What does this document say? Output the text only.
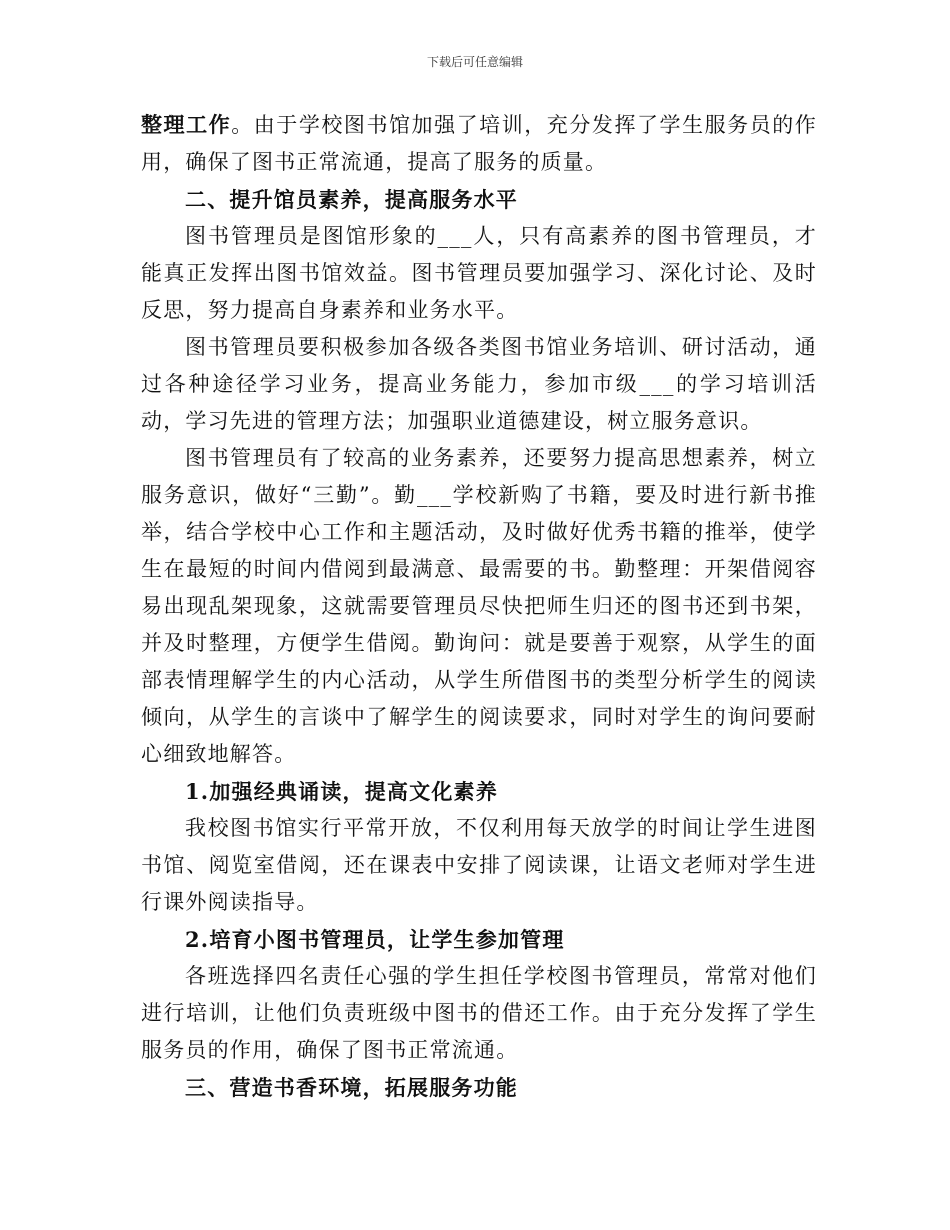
下载后可任意编辑

整理工作。由于学校图书馆加强了培训，充分发挥了学生服务员的作用，确保了图书正常流通，提高了服务的质量。

二、提升馆员素养，提高服务水平

图书管理员是图馆形象的___人，只有高素养的图书管理员，才能真正发挥出图书馆效益。图书管理员要加强学习、深化讨论、及时反思，努力提高自身素养和业务水平。

图书管理员要积极参加各级各类图书馆业务培训、研讨活动，通过各种途径学习业务，提高业务能力，参加市级___的学习培训活动，学习先进的管理方法；加强职业道德建设，树立服务意识。

图书管理员有了较高的业务素养，还要努力提高思想素养，树立服务意识，做好“三勤”。勤___学校新购了书籍，要及时进行新书推举，结合学校中心工作和主题活动，及时做好优秀书籍的推举，使学生在最短的时间内借阅到最满意、最需要的书。勤整理：开架借阅容易出现乱架现象，这就需要管理员尽快把师生归还的图书还到书架，并及时整理，方便学生借阅。勤询问：就是要善于观察，从学生的面部表情理解学生的内心活动，从学生所借图书的类型分析学生的阅读倾向，从学生的言谈中了解学生的阅读要求，同时对学生的询问要耐心细致地解答。

1.加强经典诵读，提高文化素养

我校图书馆实行平常开放，不仅利用每天放学的时间让学生进图书馆、阅览室借阅，还在课表中安排了阅读课，让语文老师对学生进行课外阅读指导。

2.培育小图书管理员，让学生参加管理

各班选择四名责任心强的学生担任学校图书管理员，常常对他们进行培训，让他们负责班级中图书的借还工作。由于充分发挥了学生服务员的作用，确保了图书正常流通。

三、营造书香环境，拓展服务功能
